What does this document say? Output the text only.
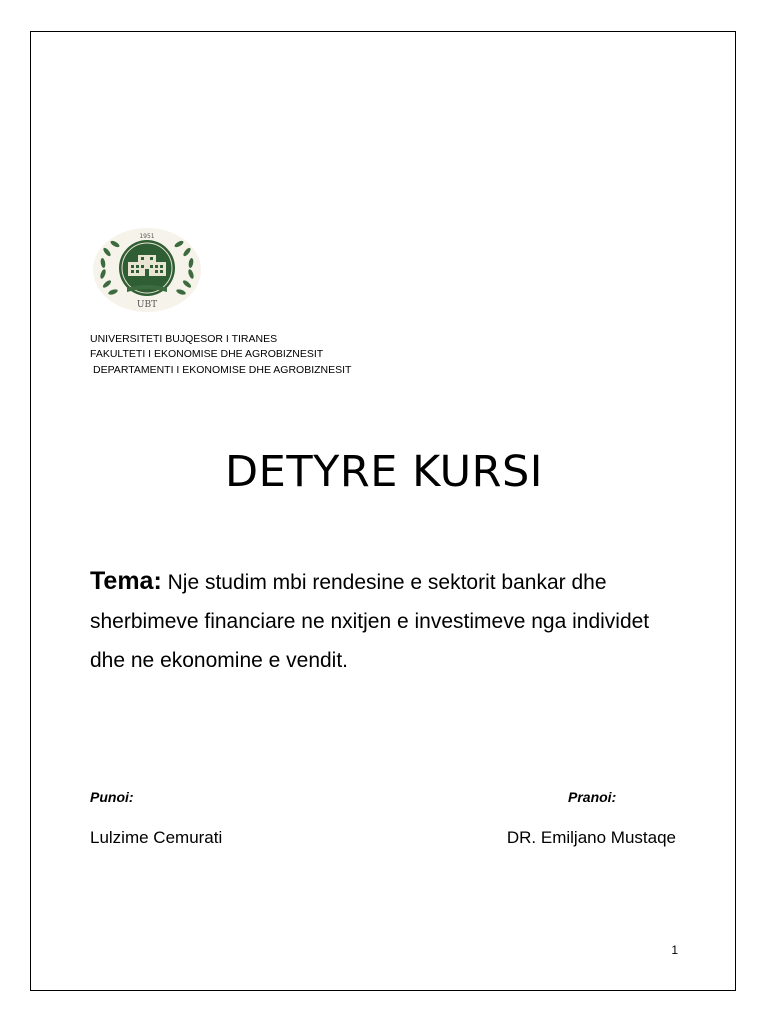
1951
UBT
UNIVERSITETI BUJQESOR I TIRANES
FAKULTETI I EKONOMISE DHE AGROBIZNESIT
DEPARTAMENTI I EKONOMISE DHE AGROBIZNESIT
DETYRE KURSI
Tema: Nje studim mbi rendesine e sektorit bankar dhe sherbimeve financiare ne nxitjen e investimeve nga individet dhe ne ekonomine e vendit.
Punoi:	Pranoi:
Lulzime Cemurati	DR. Emiljano Mustaqe
1
